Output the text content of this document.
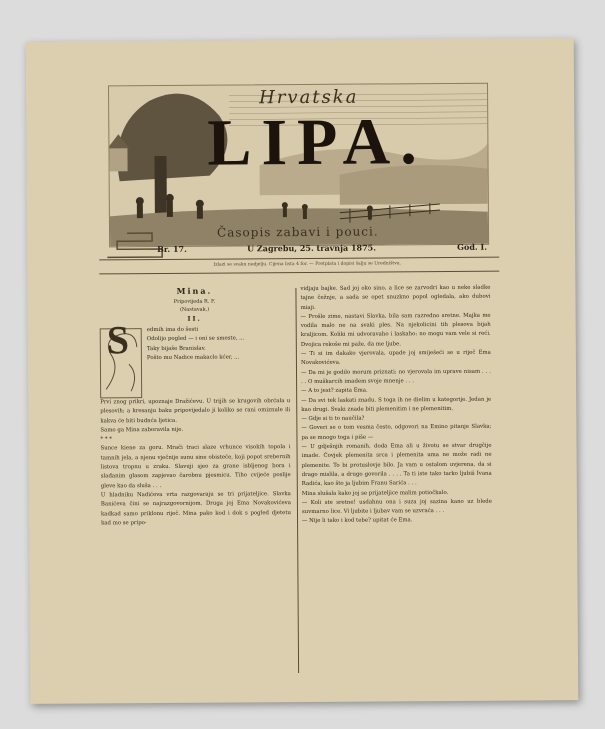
Hrvatska
LIPA.
Časopis zabavi i pouci.
Br. 17.	U Zagrebu, 25. travnja 1875.	God. I.
Izlazi se svaku nedjelju. Cijena lista 4 for. — Pretplata i dopisi šalju se Uredništvu.
Mina.
Pripovijeda R. F.
(Nastavak.)
II.
S	edmih ima do šesti

Odolijo pogled — i oni se smeste, ...

Taky bijaše Branislav.

Pošto mu Nadice makaclo kćer, ...

Prvi znog prikri, upoznaje Dražićevu. U trijih se krugovih obrćala u plesovih; a kresanju baku pripovijedalo ji koliko se rani omiznule ili kakva će biti budnća ljetica.

Samo ga Mina zaboravila nije.

* * *

Sunce kiene za goru. Mrači traci slaze vrhunce visokih topola i tamnih jela, a njenu vječnije sunu sine obisteće, koji popot srebernih listova tropnu u zraku. Slavuji sjeo za grane isbljenog bora i slađanim glasom zapjevao čarobnu pjesmicu. Tiho cvijeće poslije gleve kao da sluša . . .

U hladniku Nadićeva vrta razgovaraju se tri prijateljice. Slavka Banićeva čini se najrazgovornijom. Druga joj Ema Novakovićeva kadkad samo priklonu riječ. Mina pako kod i dok s pogled djetetu kad mo se pripo-

vidjaju bajke. Sad joj oko sino, a lice se zarvodri kao u neke sladke tajne čežnje, a sada se opet snuzkno popol ogledala, ako dubovi miaji.

— Prošle zime, nastavi Slavka, bila sam razredno sretne. Majka me vodila malo ne na svaki ples. Na njekolicini tih plesova bijah kraljicom. Koliki mi udvoravaho i laskaho: no mogu vam vele si reći. Dvojica rekoše mi paže, da me ljube.

— Ti si im dakako vjerovala, upade joj smiješeći se u riječ Ema Novakovićeva.

— Da mi je godilo morum priznati; no vjerovala im uprave nisam . . . . . O muškarcih imadem svoje mnenje . . .

— A to jest? zapita Ema.

— Da svi tek laskati znadu. S toga ih ne dielim u kategorije. Jedan je kao drugi. Svaki znade biti plemenitim i ne plemenitim.

— Gdje si ti to naučila?

— Goveri se o tom vesma često, odgovori na Emino pitanje Slavka; pa se mnogo toga i piše —

— U gdješnjih romanih, doda Ema ali u životu se stvar drugčije imade. Čovjek plemenita srca i plemenita uma ne može radi ne plemenite. To bi protuslovje bilo. Ja vam u ostalom uvjerena, da si drago mislila, a drugo govorila . . . . Ta ti iste tako tarko ljubiš Ivana Radića, kao što ja ljubim Franu Sarića . . .

Mina slušala kako joj se prijateljice malim potiočkalo.

— Koli ste sretne! usdahnu ona i suza joj sazina kano uz blede suvmarno lice. Vi ljubite i ljubav vam se uzvraća . . .

— Nije li tako i kod tebe? upitat će Ema.
